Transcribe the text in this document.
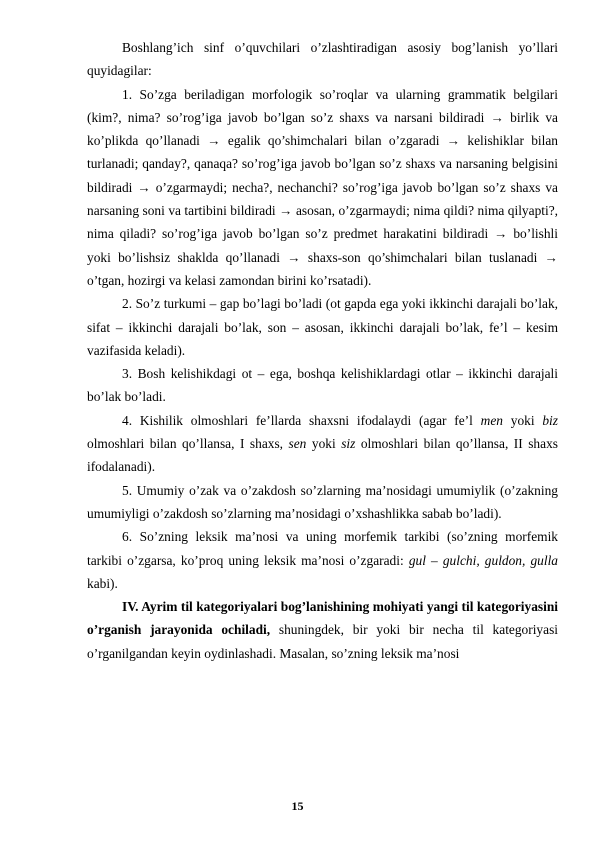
Boshlang’ich sinf o’quvchilari o’zlashtiradigan asosiy bog’lanish yo’llari quyidagilar:

1. So’zga beriladigan morfologik so’roqlar va ularning grammatik belgilari (kim?, nima? so’rog’iga javob bo’lgan so’z shaxs va narsani bildiradi → birlik va ko’plikda qo’llanadi → egalik qo’shimchalari bilan o’zgaradi → kelishiklar bilan turlanadi; qanday?, qanaqa? so’rog’iga javob bo’lgan so’z shaxs va narsaning belgisini bildiradi → o’zgarmaydi; necha?, nechanchi? so’rog’iga javob bo’lgan so’z shaxs va narsaning soni va tartibini bildiradi → asosan, o’zgarmaydi; nima qildi? nima qilyapti?, nima qiladi? so’rog’iga javob bo’lgan so’z predmet harakatini bildiradi → bo’lishli yoki bo’lishsiz shaklda qo’llanadi → shaxs-son qo’shimchalari bilan tuslanadi → o’tgan, hozirgi va kelasi zamondan birini ko’rsatadi).

2. So’z turkumi – gap bo’lagi bo’ladi (ot gapda ega yoki ikkinchi darajali bo’lak, sifat – ikkinchi darajali bo’lak, son – asosan, ikkinchi darajali bo’lak, fe’l – kesim vazifasida keladi).

3. Bosh kelishikdagi ot – ega, boshqa kelishiklardagi otlar – ikkinchi darajali bo’lak bo’ladi.

4. Kishilik olmoshlari fe’llarda shaxsni ifodalaydi (agar fe’l men yoki biz olmoshlari bilan qo’llansa, I shaxs, sen yoki siz olmoshlari bilan qo’llansa, II shaxs ifodalanadi).

5. Umumiy o’zak va o’zakdosh so’zlarning ma’nosidagi umumiylik (o’zakning umumiyligi o’zakdosh so’zlarning ma’nosidagi o’xshashlikka sabab bo’ladi).

6. So’zning leksik ma’nosi va uning morfemik tarkibi (so’zning morfemik tarkibi o’zgarsa, ko’proq uning leksik ma’nosi o’zgaradi: gul – gulchi, guldon, gulla kabi).

IV. Ayrim til kategoriyalari bog’lanishining mohiyati yangi til kategoriyasini o’rganish jarayonida ochiladi, shuningdek, bir yoki bir necha til kategoriyasi o’rganilgandan keyin oydinlashadi. Masalan, so’zning leksik ma’nosi

15
